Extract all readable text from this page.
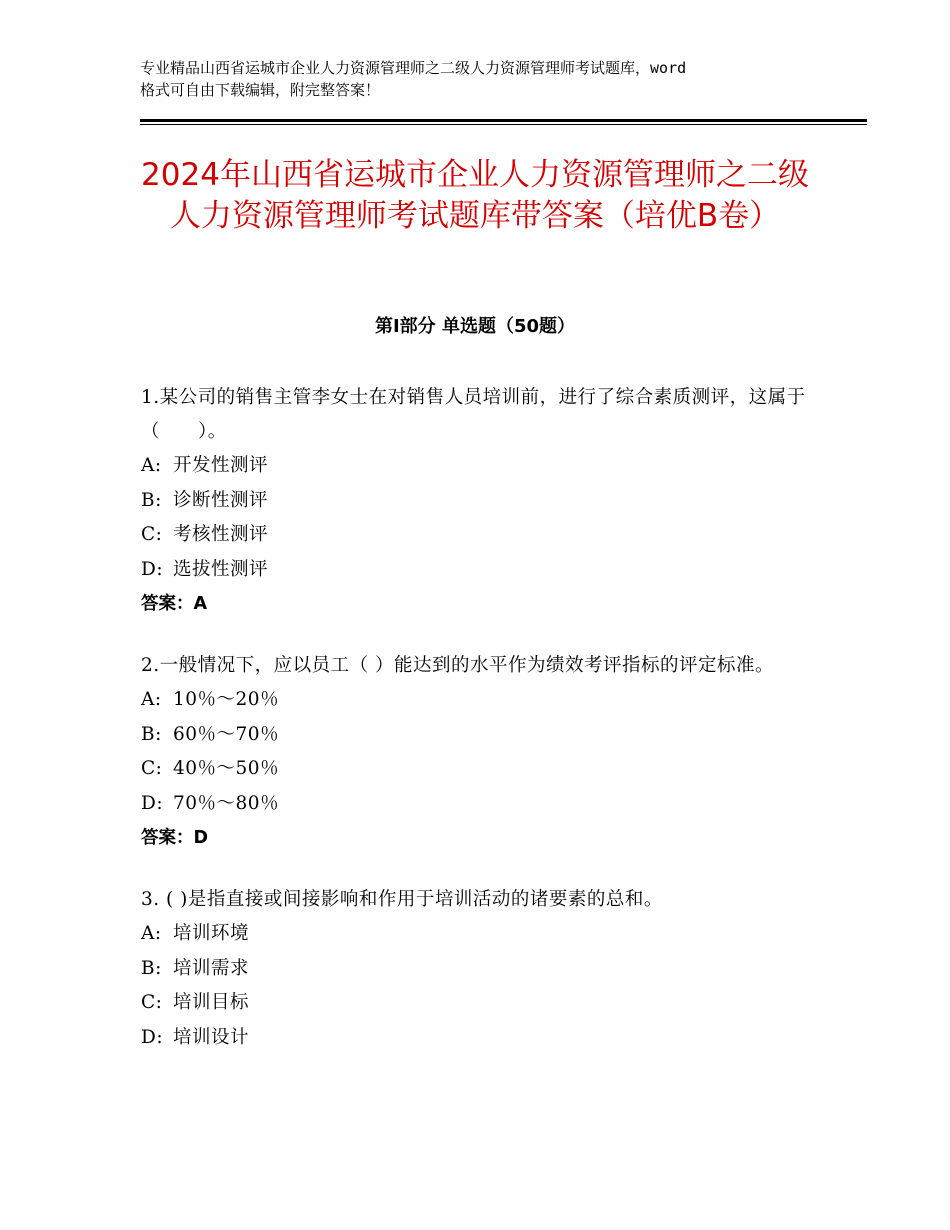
专业精品山西省运城市企业人力资源管理师之二级人力资源管理师考试题库，word
格式可自由下载编辑，附完整答案！
2024年山西省运城市企业人力资源管理师之二级人力资源管理师考试题库带答案（培优B卷）
第Ⅰ部分 单选题（50题）
1.某公司的销售主管李女士在对销售人员培训前，进行了综合素质测评，这属于（　　）。
A: 开发性测评
B: 诊断性测评
C: 考核性测评
D: 选拔性测评
答案：A
2.一般情况下，应以员工（ ）能达到的水平作为绩效考评指标的评定标准。
A: 10％～20％
B: 60％～70％
C: 40％～50％
D: 70％～80％
答案：D
3. ( )是指直接或间接影响和作用于培训活动的诸要素的总和。
A: 培训环境
B: 培训需求
C: 培训目标
D: 培训设计
